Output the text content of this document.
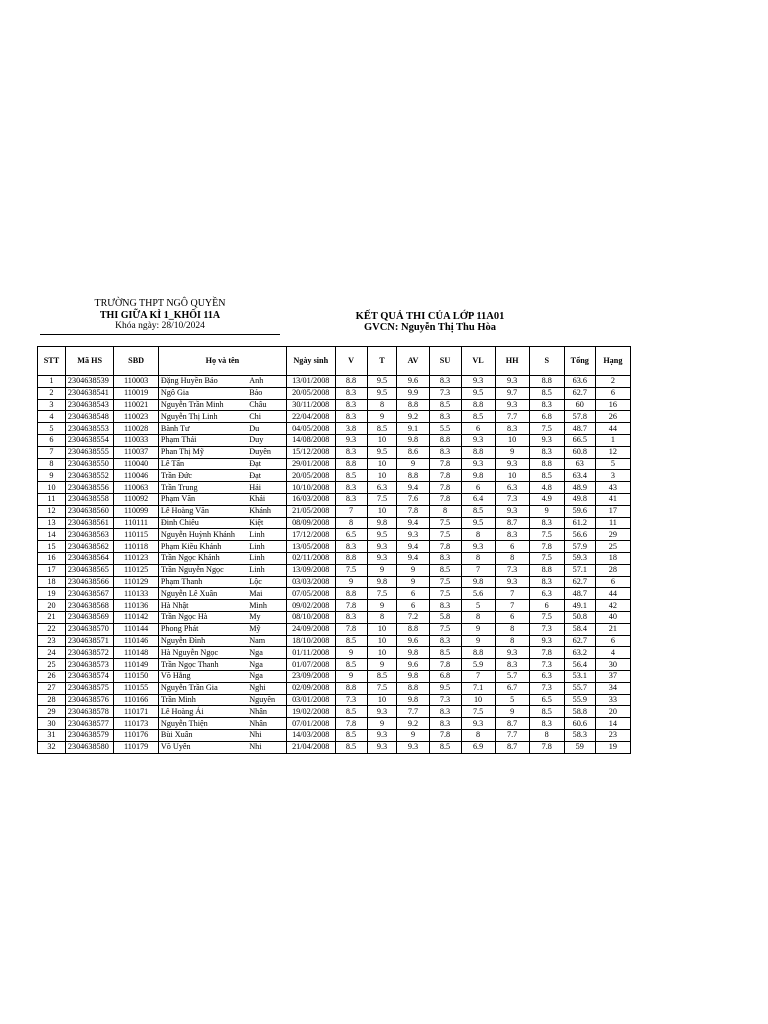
TRƯỜNG THPT NGÔ QUYỀN
THI GIỮA KÌ 1_KHỐI 11A
Khóa ngày: 28/10/2024
KẾT QUẢ THI CỦA LỚP 11A01
GVCN: Nguyễn Thị Thu Hòa
STT	Mã HS	SBD	Họ và tên		Ngày sinh	V	T	AV	SU	VL	HH	S	Tổng	Hạng
1	2304638539	110003	Đặng Huyền Bảo	Anh	13/01/2008	8.8	9.5	9.6	8.3	9.3	9.3	8.8	63.6	2
2	2304638541	110019	Ngô Gia	Bảo	20/05/2008	8.3	9.5	9.9	7.3	9.5	9.7	8.5	62.7	6
3	2304638543	110021	Nguyễn Trần Minh	Châu	30/11/2008	8.3	8	8.8	8.5	8.8	9.3	8.3	60	16
4	2304638548	110023	Nguyễn Thị Linh	Chi	22/04/2008	8.3	9	9.2	8.3	8.5	7.7	6.8	57.8	26
5	2304638553	110028	Bành Tư	Du	04/05/2008	3.8	8.5	9.1	5.5	6	8.3	7.5	48.7	44
6	2304638554	110033	Phạm Thái	Duy	14/08/2008	9.3	10	9.8	8.8	9.3	10	9.3	66.5	1
7	2304638555	110037	Phan Thị Mỹ	Duyên	15/12/2008	8.3	9.5	8.6	8.3	8.8	9	8.3	60.8	12
8	2304638550	110040	Lê Tấn	Đạt	29/01/2008	8.8	10	9	7.8	9.3	9.3	8.8	63	5
9	2304638552	110046	Trần Đức	Đạt	20/05/2008	8.5	10	8.8	7.8	9.8	10	8.5	63.4	3
10	2304638556	110063	Trần Trung	Hải	10/10/2008	8.3	6.3	9.4	7.8	6	6.3	4.8	48.9	43
11	2304638558	110092	Phạm Văn	Khải	16/03/2008	8.3	7.5	7.6	7.8	6.4	7.3	4.9	49.8	41
12	2304638560	110099	Lê Hoàng Văn	Khánh	21/05/2008	7	10	7.8	8	8.5	9.3	9	59.6	17
13	2304638561	110111	Đinh Chiêu	Kiệt	08/09/2008	8	9.8	9.4	7.5	9.5	8.7	8.3	61.2	11
14	2304638563	110115	Nguyễn Huỳnh Khánh	Linh	17/12/2008	6.5	9.5	9.3	7.5	8	8.3	7.5	56.6	29
15	2304638562	110118	Phạm Kiều Khánh	Linh	13/05/2008	8.3	9.3	9.4	7.8	9.3	6	7.8	57.9	25
16	2304638564	110123	Trần Ngọc Khánh	Linh	02/11/2008	8.8	9.3	9.4	8.3	8	8	7.5	59.3	18
17	2304638565	110125	Trần Nguyễn Ngọc	Linh	13/09/2008	7.5	9	9	8.5	7	7.3	8.8	57.1	28
18	2304638566	110129	Phạm Thanh	Lộc	03/03/2008	9	9.8	9	7.5	9.8	9.3	8.3	62.7	6
19	2304638567	110133	Nguyễn Lê Xuân	Mai	07/05/2008	8.8	7.5	6	7.5	5.6	7	6.3	48.7	44
20	2304638568	110136	Hà Nhật	Minh	09/02/2008	7.8	9	6	8.3	5	7	6	49.1	42
21	2304638569	110142	Trần Ngọc Hà	My	08/10/2008	8.3	8	7.2	5.8	8	6	7.5	50.8	40
22	2304638570	110144	Phong Phát	Mỹ	24/09/2008	7.8	10	8.8	7.5	9	8	7.3	58.4	21
23	2304638571	110146	Nguyễn Đình	Nam	18/10/2008	8.5	10	9.6	8.3	9	8	9.3	62.7	6
24	2304638572	110148	Hà Nguyễn Ngọc	Nga	01/11/2008	9	10	9.8	8.5	8.8	9.3	7.8	63.2	4
25	2304638573	110149	Trần Ngọc Thanh	Nga	01/07/2008	8.5	9	9.6	7.8	5.9	8.3	7.3	56.4	30
26	2304638574	110150	Võ Hằng	Nga	23/09/2008	9	8.5	9.8	6.8	7	5.7	6.3	53.1	37
27	2304638575	110155	Nguyễn Trần Gia	Nghi	02/09/2008	8.8	7.5	8.8	9.5	7.1	6.7	7.3	55.7	34
28	2304638576	110166	Trần Minh	Nguyên	03/01/2008	7.3	10	9.8	7.3	10	5	6.5	55.9	33
29	2304638578	110171	Lê Hoàng Ái	Nhân	19/02/2008	8.5	9.3	7.7	8.3	7.5	9	8.5	58.8	20
30	2304638577	110173	Nguyễn Thiện	Nhân	07/01/2008	7.8	9	9.2	8.3	9.3	8.7	8.3	60.6	14
31	2304638579	110176	Bùi Xuân	Nhi	14/03/2008	8.5	9.3	9	7.8	8	7.7	8	58.3	23
32	2304638580	110179	Võ Uyên	Nhi	21/04/2008	8.5	9.3	9.3	8.5	6.9	8.7	7.8	59	19
